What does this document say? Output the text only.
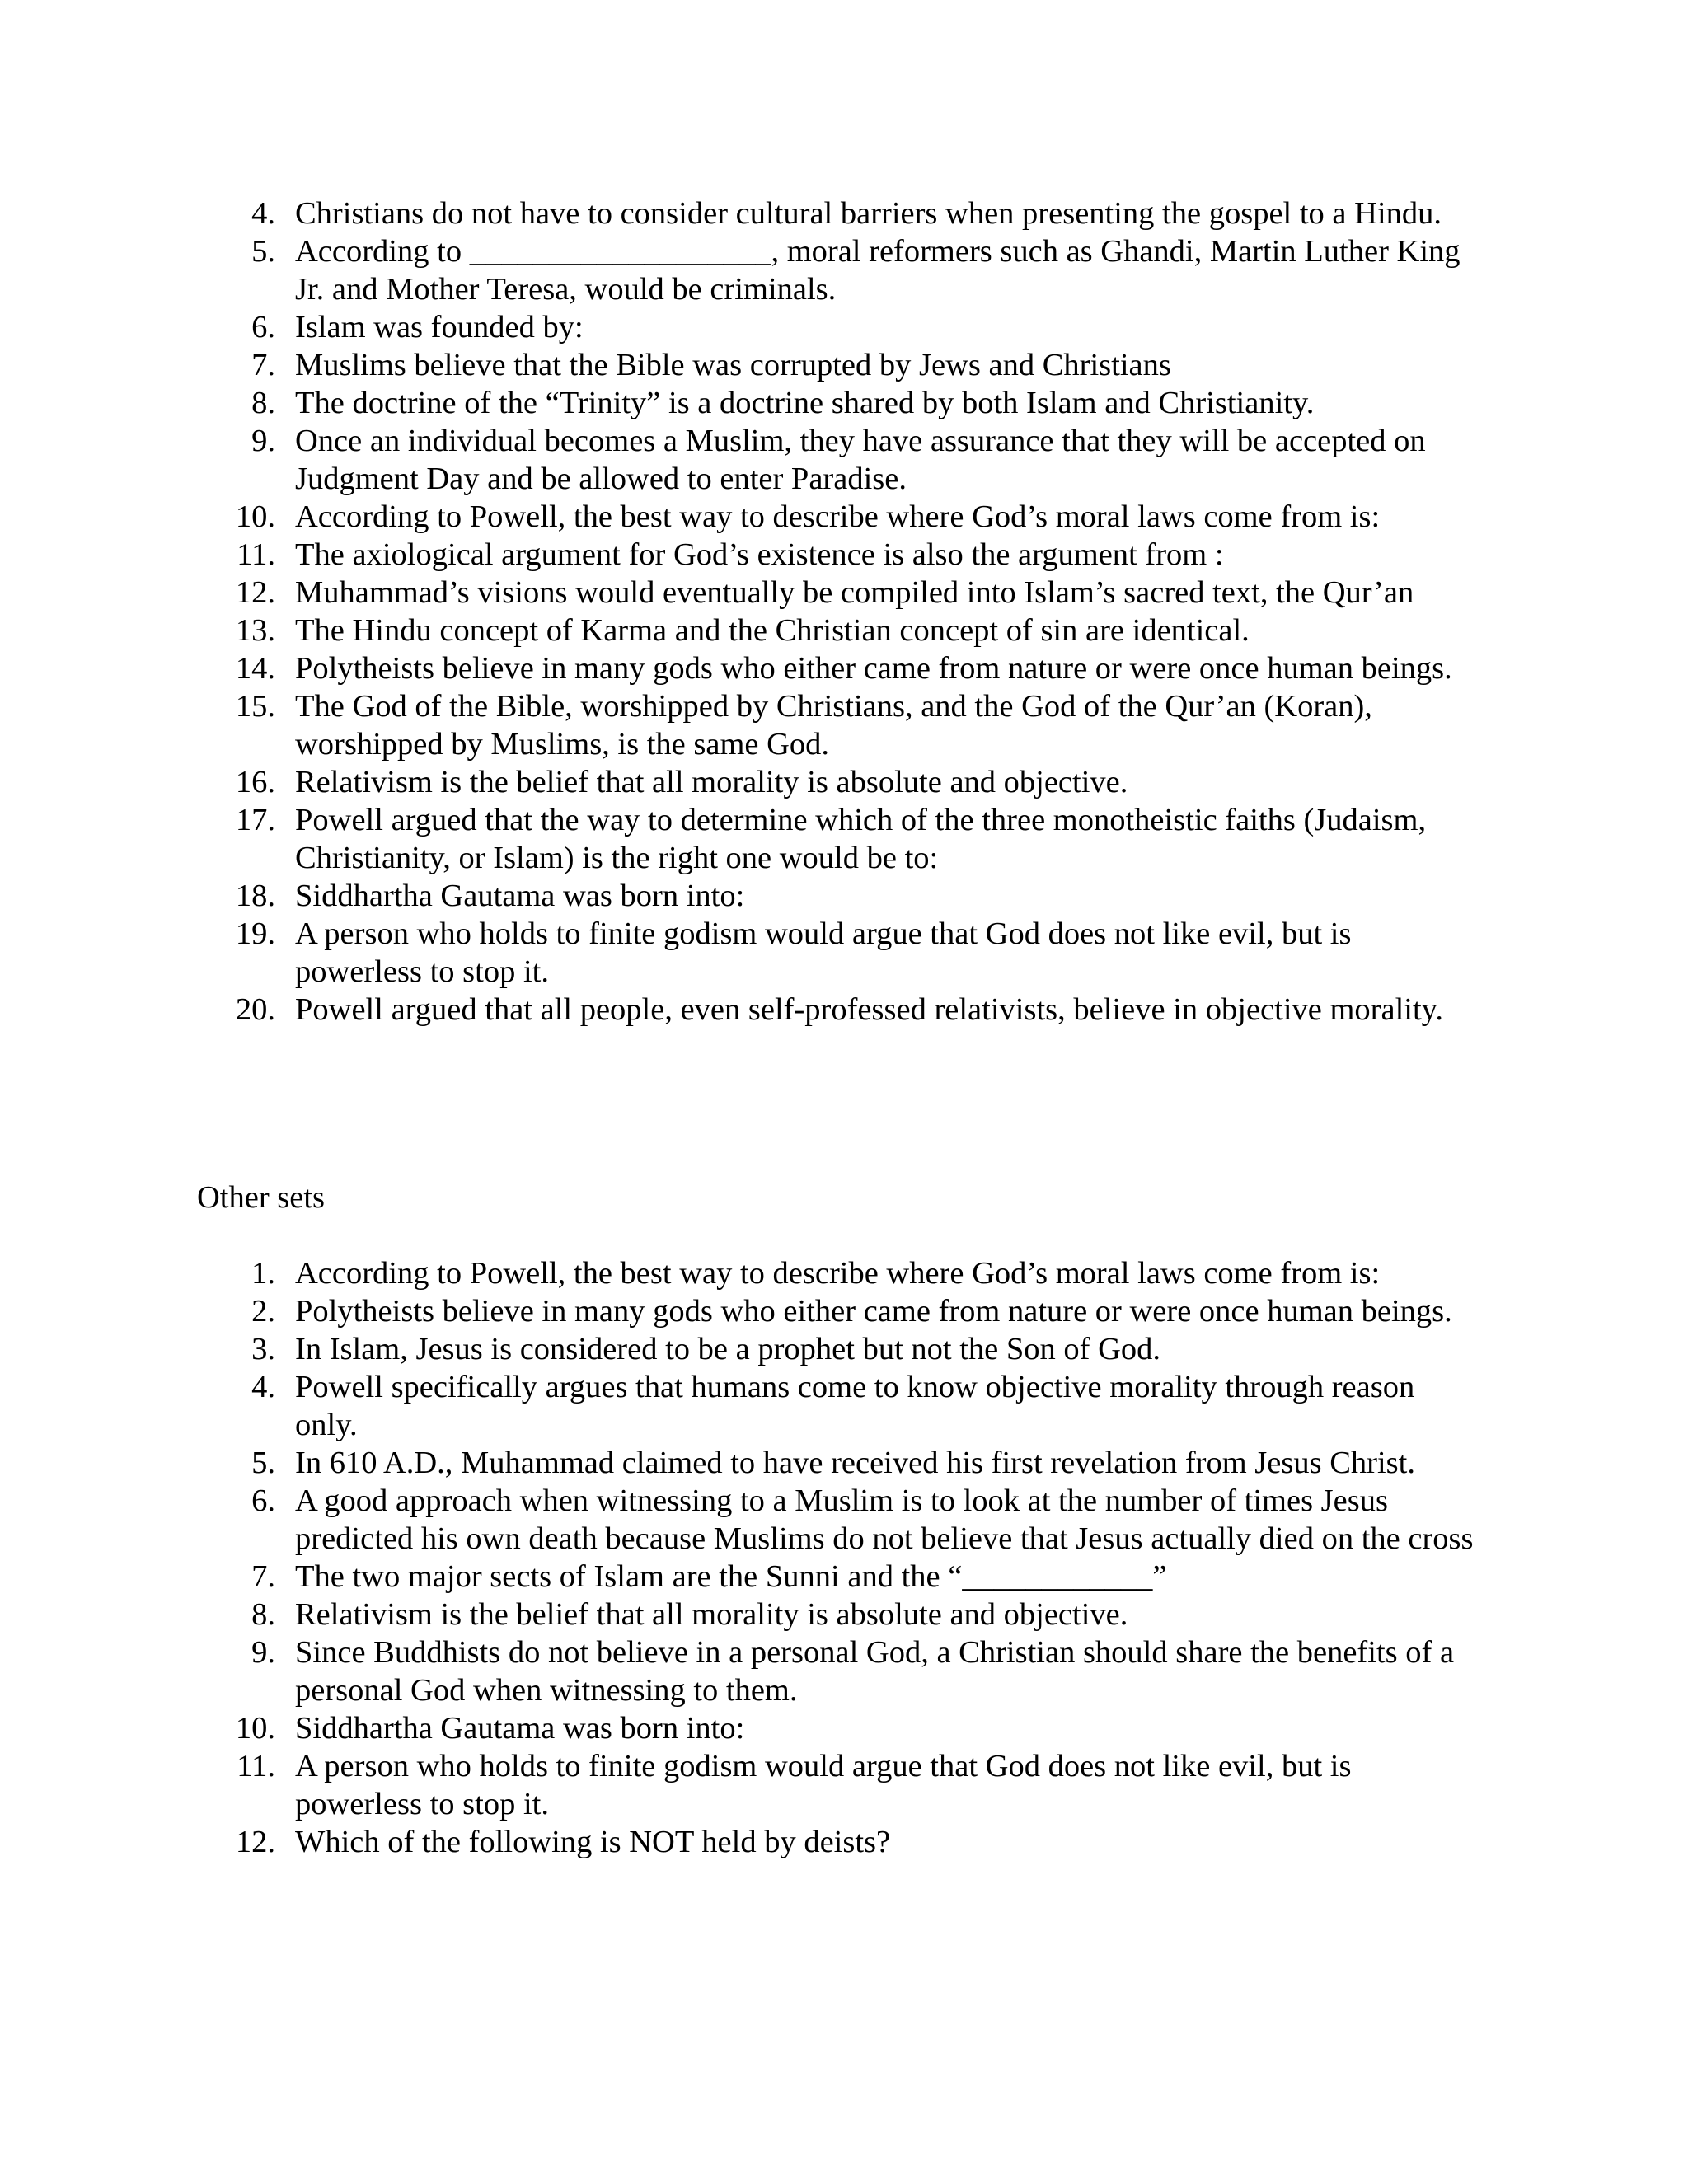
4. Christians do not have to consider cultural barriers when presenting the gospel to a Hindu.
5. According to ___________________, moral reformers such as Ghandi, Martin Luther King Jr. and Mother Teresa, would be criminals.
6. Islam was founded by:
7. Muslims believe that the Bible was corrupted by Jews and Christians
8. The doctrine of the “Trinity” is a doctrine shared by both Islam and Christianity.
9. Once an individual becomes a Muslim, they have assurance that they will be accepted on Judgment Day and be allowed to enter Paradise.
10. According to Powell, the best way to describe where God’s moral laws come from is:
11. The axiological argument for God’s existence is also the argument from :
12. Muhammad’s visions would eventually be compiled into Islam’s sacred text, the Qur’an
13. The Hindu concept of Karma and the Christian concept of sin are identical.
14. Polytheists believe in many gods who either came from nature or were once human beings.
15. The God of the Bible, worshipped by Christians, and the God of the Qur’an (Koran), worshipped by Muslims, is the same God.
16. Relativism is the belief that all morality is absolute and objective.
17. Powell argued that the way to determine which of the three monotheistic faiths (Judaism, Christianity, or Islam) is the right one would be to:
18. Siddhartha Gautama was born into:
19. A person who holds to finite godism would argue that God does not like evil, but is powerless to stop it.
20. Powell argued that all people, even self-professed relativists, believe in objective morality.
Other sets
1. According to Powell, the best way to describe where God’s moral laws come from is:
2. Polytheists believe in many gods who either came from nature or were once human beings.
3. In Islam, Jesus is considered to be a prophet but not the Son of God.
4. Powell specifically argues that humans come to know objective morality through reason only.
5. In 610 A.D., Muhammad claimed to have received his first revelation from Jesus Christ.
6. A good approach when witnessing to a Muslim is to look at the number of times Jesus predicted his own death because Muslims do not believe that Jesus actually died on the cross
7. The two major sects of Islam are the Sunni and the “____________”
8. Relativism is the belief that all morality is absolute and objective.
9. Since Buddhists do not believe in a personal God, a Christian should share the benefits of a personal God when witnessing to them.
10. Siddhartha Gautama was born into:
11. A person who holds to finite godism would argue that God does not like evil, but is powerless to stop it.
12. Which of the following is NOT held by deists?
